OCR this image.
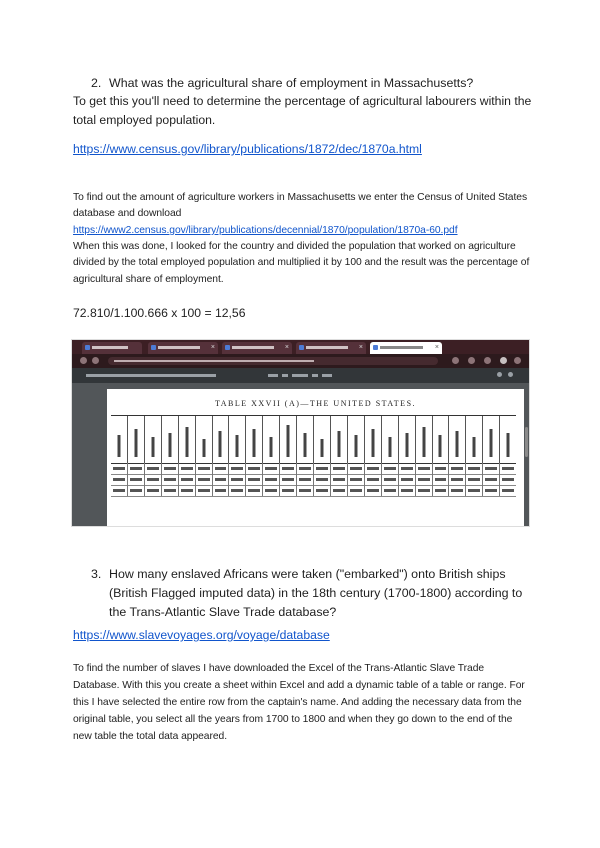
2. What was the agricultural share of employment in Massachusetts?
To get this you'll need to determine the percentage of agricultural labourers within the total employed population.
https://www.census.gov/library/publications/1872/dec/1870a.html
To find out the amount of agriculture workers in Massachusetts we enter the Census of United States database and download
https://www2.census.gov/library/publications/decennial/1870/population/1870a-60.pdf
When this was done, I looked for the country and divided the population that worked on agriculture divided by the total employed population and multiplied it by 100 and the result was the percentage of agricultural share of employment.
72.810/1.100.666 x 100 = 12,56
×	×	×	×
TABLE XXVII (A)—THE UNITED STATES.
3.	How many enslaved Africans were taken ("embarked") onto British ships (British Flagged imputed data) in the 18th century (1700-1800) according to the Trans-Atlantic Slave Trade database?
https://www.slavevoyages.org/voyage/database
To find the number of slaves I have downloaded the Excel of the Trans-Atlantic Slave Trade Database. With this you create a sheet within Excel and add a dynamic table of a table or range. For this I have selected the entire row from the captain's name. And adding the necessary data from the original table, you select all the years from 1700 to 1800 and when they go down to the end of the new table the total data appeared.
